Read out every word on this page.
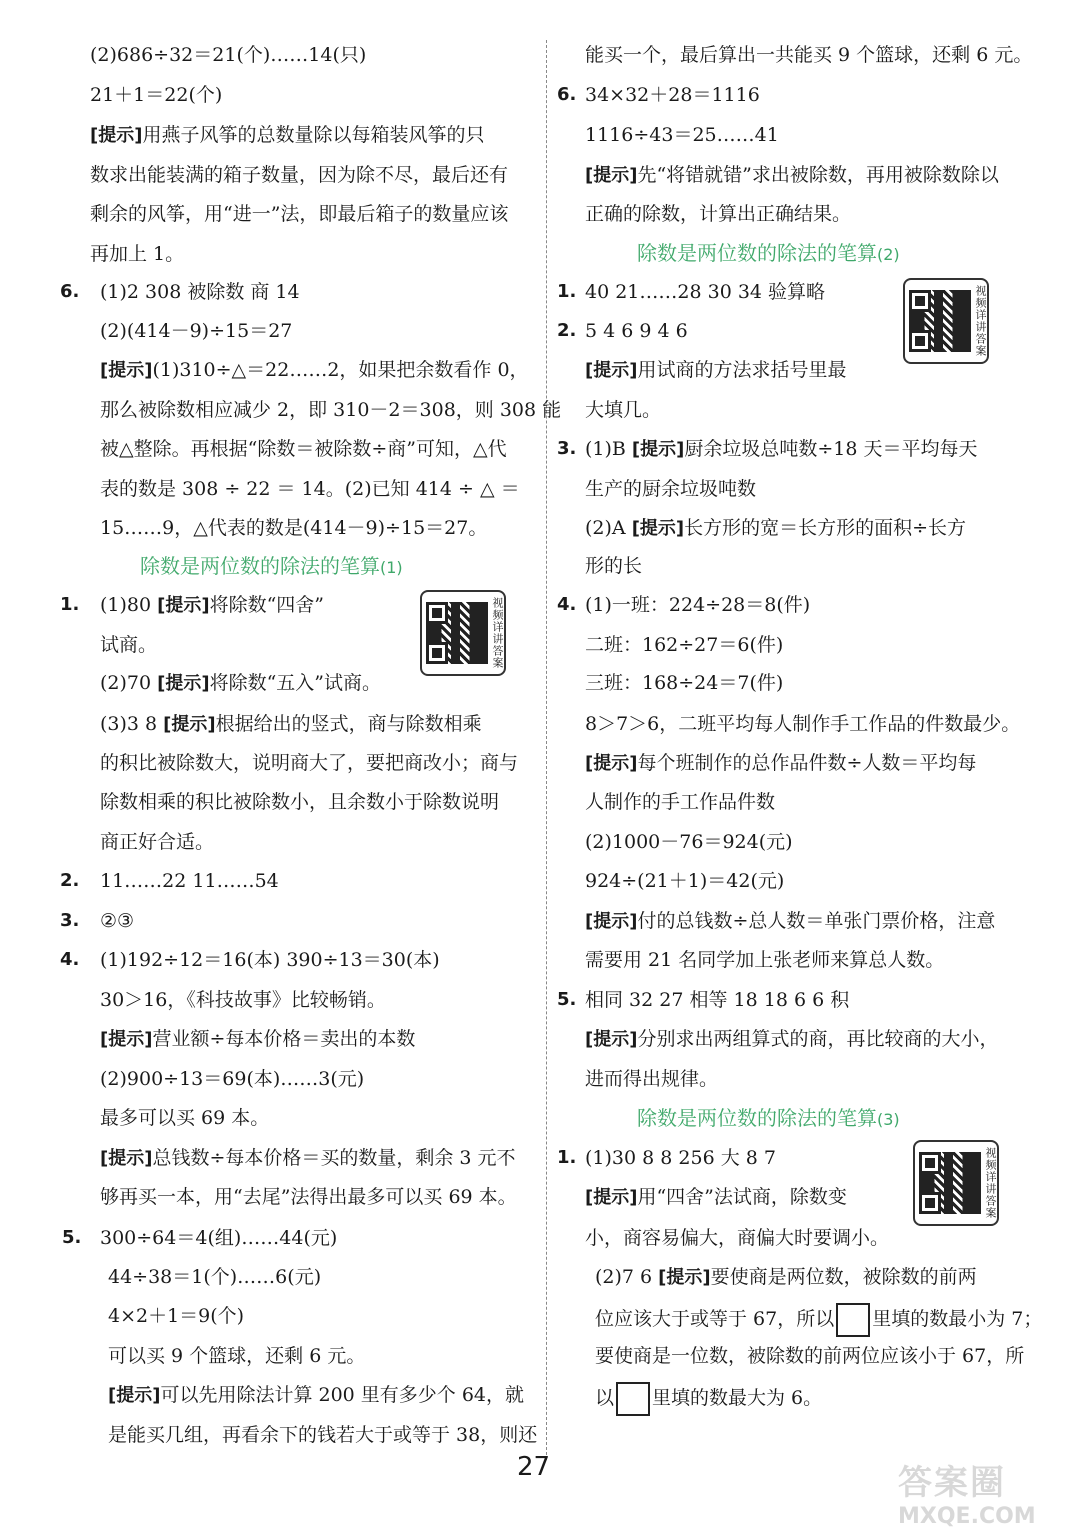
(2)686÷32＝21(个)……14(只)
21＋1＝22(个)
[提示]用燕子风筝的总数量除以每箱装风筝的只
数求出能装满的箱子数量，因为除不尽，最后还有
剩余的风筝，用“进一”法，即最后箱子的数量应该
再加上 1。
6. (1)2 308 被除数 商 14
(2)(414－9)÷15＝27
[提示](1)310÷△＝22……2，如果把余数看作 0，
那么被除数相应减少 2，即 310－2＝308，则 308 能
被△整除。再根据“除数＝被除数÷商”可知，△代
表的数是 308 ÷ 22 ＝ 14。(2)已知 414 ÷ △ ＝
15……9，△代表的数是(414－9)÷15＝27。
除数是两位数的除法的笔算(1)
1. (1)80 [提示]将除数“四舍”
试商。
(2)70 [提示]将除数“五入”试商。
(3)3 8 [提示]根据给出的竖式，商与除数相乘
的积比被除数大，说明商大了，要把商改小；商与
除数相乘的积比被除数小，且余数小于除数说明
商正好合适。
2. 11……22 11……54
3. ②③
4. (1)192÷12＝16(本) 390÷13＝30(本)
30＞16，《科技故事》比较畅销。
[提示]营业额÷每本价格＝卖出的本数
(2)900÷13＝69(本)……3(元)
最多可以买 69 本。
[提示]总钱数÷每本价格＝买的数量，剩余 3 元不
够再买一本，用“去尾”法得出最多可以买 69 本。
5. 300÷64＝4(组)……44(元)
44÷38＝1(个)……6(元)
4×2＋1＝9(个)
可以买 9 个篮球，还剩 6 元。
[提示]可以先用除法计算 200 里有多少个 64，就
是能买几组，再看余下的钱若大于或等于 38，则还
能买一个，最后算出一共能买 9 个篮球，还剩 6 元。
6. 34×32＋28＝1116
1116÷43＝25……41
[提示]先“将错就错”求出被除数，再用被除数除以
正确的除数，计算出正确结果。
除数是两位数的除法的笔算(2)
1. 40 21……28 30 34 验算略
2. 5 4 6 9 4 6
[提示]用试商的方法求括号里最
大填几。
3. (1)B [提示]厨余垃圾总吨数÷18 天＝平均每天
生产的厨余垃圾吨数
(2)A [提示]长方形的宽＝长方形的面积÷长方
形的长
4. (1)一班：224÷28＝8(件)
二班：162÷27＝6(件)
三班：168÷24＝7(件)
8＞7＞6，二班平均每人制作手工作品的件数最少。
[提示]每个班制作的总作品件数÷人数＝平均每
人制作的手工作品件数
(2)1000－76＝924(元)
924÷(21＋1)＝42(元)
[提示]付的总钱数÷总人数＝单张门票价格，注意
需要用 21 名同学加上张老师来算总人数。
5. 相同 32 27 相等 18 18 6 6 积
[提示]分别求出两组算式的商，再比较商的大小，
进而得出规律。
除数是两位数的除法的笔算(3)
1. (1)30 8 8 256 大 8 7
[提示]用“四舍”法试商，除数变
小，商容易偏大，商偏大时要调小。
(2)7 6 [提示]要使商是两位数，被除数的前两
位应该大于或等于 67，所以 里填的数最小为 7；
要使商是一位数，被除数的前两位应该小于 67，所
以 里填的数最大为 6。
视频详讲答案
视频详讲答案
视频详讲答案
27	答案圈
MXQE.COM
